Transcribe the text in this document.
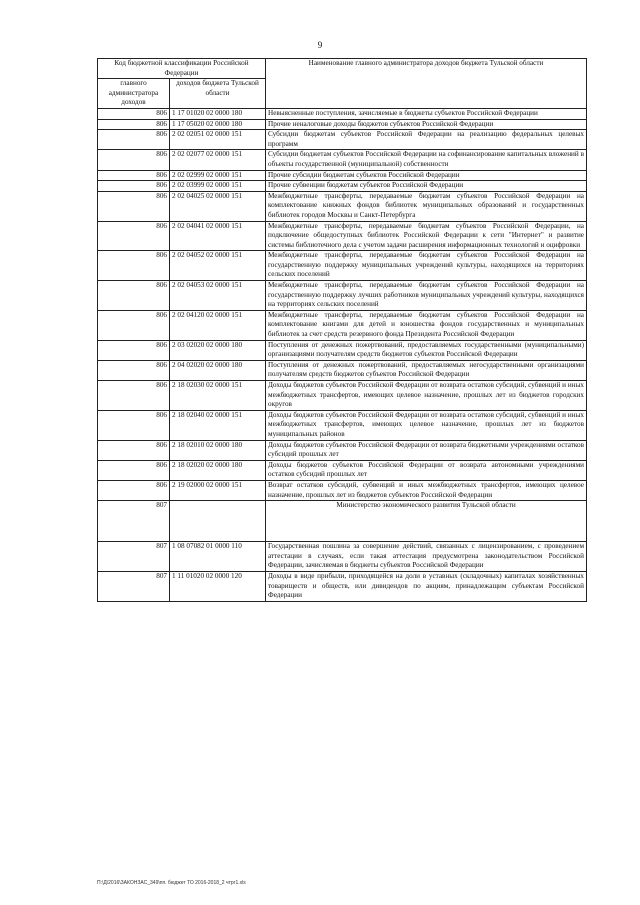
9
Код бюджетной классификации Российской Федерации		Наименование главного администратора доходов бюджета Тульской области
главного администратора доходов	доходов бюджета Тульской области	
806	1 17 01020 02 0000 180	Невыясненные поступления, зачисляемые в бюджеты субъектов Российской Федерации
806	1 17 05020 02 0000 180	Прочие неналоговые доходы бюджетов субъектов Российской Федерации
806	2 02 02051 02 0000 151	Субсидии бюджетам субъектов Российской Федерации на реализацию федеральных целевых программ
806	2 02 02077 02 0000 151	Субсидии бюджетам субъектов Российской Федерации на софинансирование капитальных вложений в объекты государственной (муниципальной) собственности
806	2 02 02999 02 0000 151	Прочие субсидии бюджетам субъектов Российской Федерации
806	2 02 03999 02 0000 151	Прочие субвенции бюджетам субъектов Российской Федерации
806	2 02 04025 02 0000 151	Межбюджетные трансферты, передаваемые бюджетам субъектов Российской Федерации на комплектование книжных фондов библиотек муниципальных образований и государственных библиотек городов Москвы и Санкт-Петербурга
806	2 02 04041 02 0000 151	Межбюджетные трансферты, передаваемые бюджетам субъектов Российской Федерации, на подключение общедоступных библиотек Российской Федерации к сети "Интернет" и развитие системы библиотечного дела с учетом задачи расширения информационных технологий и оцифровки
806	2 02 04052 02 0000 151	Межбюджетные трансферты, передаваемые бюджетам субъектов Российской Федерации на государственную поддержку муниципальных учреждений культуры, находящихся на территориях сельских поселений
806	2 02 04053 02 0000 151	Межбюджетные трансферты, передаваемые бюджетам субъектов Российской Федерации на государственную поддержку лучших работников муниципальных учреждений культуры, находящихся на территориях сельских поселений
806	2 02 04120 02 0000 151	Межбюджетные трансферты, передаваемые бюджетам субъектов Российской Федерации на комплектование книгами для детей и юношества фондов государственных и муниципальных библиотек за счет средств резервного фонда Президента Российской Федерации
806	2 03 02020 02 0000 180	Поступления от денежных пожертвований, предоставляемых государственными (муниципальными) организациями получателям средств бюджетов субъектов Российской Федерации
806	2 04 02020 02 0000 180	Поступления от денежных пожертвований, предоставляемых негосударственными организациями получателям средств бюджетов субъектов Российской Федерации
806	2 18 02030 02 0000 151	Доходы бюджетов субъектов Российской Федерации от возврата остатков субсидий, субвенций и иных межбюджетных трансфертов, имеющих целевое назначение, прошлых лет из бюджетов городских округов
806	2 18 02040 02 0000 151	Доходы бюджетов субъектов Российской Федерации от возврата остатков субсидий, субвенций и иных межбюджетных трансфертов, имеющих целевое назначение, прошлых лет из бюджетов муниципальных районов
806	2 18 02010 02 0000 180	Доходы бюджетов субъектов Российской Федерации от возврата бюджетными учреждениями остатков субсидий прошлых лет
806	2 18 02020 02 0000 180	Доходы бюджетов субъектов Российской Федерации от возврата автономными учреждениями остатков субсидий прошлых лет
806	2 19 02000 02 0000 151	Возврат остатков субсидий, субвенций и иных межбюджетных трансфертов, имеющих целевое назначение, прошлых лет из бюджетов субъектов Российской Федерации
807		Министерство экономического развития Тульской области
807	1 08 07082 01 0000 110	Государственная пошлина за совершение действий, связанных с лицензированием, с проведением аттестации в случаях, если такая аттестация предусмотрена законодательством Российской Федерации, зачисляемая в бюджеты субъектов Российской Федерации
807	1 11 01020 02 0000 120	Доходы в виде прибыли, приходящейся на доли в уставных (складочных) капиталах хозяйственных товариществ и обществ, или дивидендов по акциям, принадлежащим субъектам Российской Федерации
П:\Д\2016\ЗАКОНЗАС_349\пп. бюджет ТО 2016-2018_2 чтрг1.xls
